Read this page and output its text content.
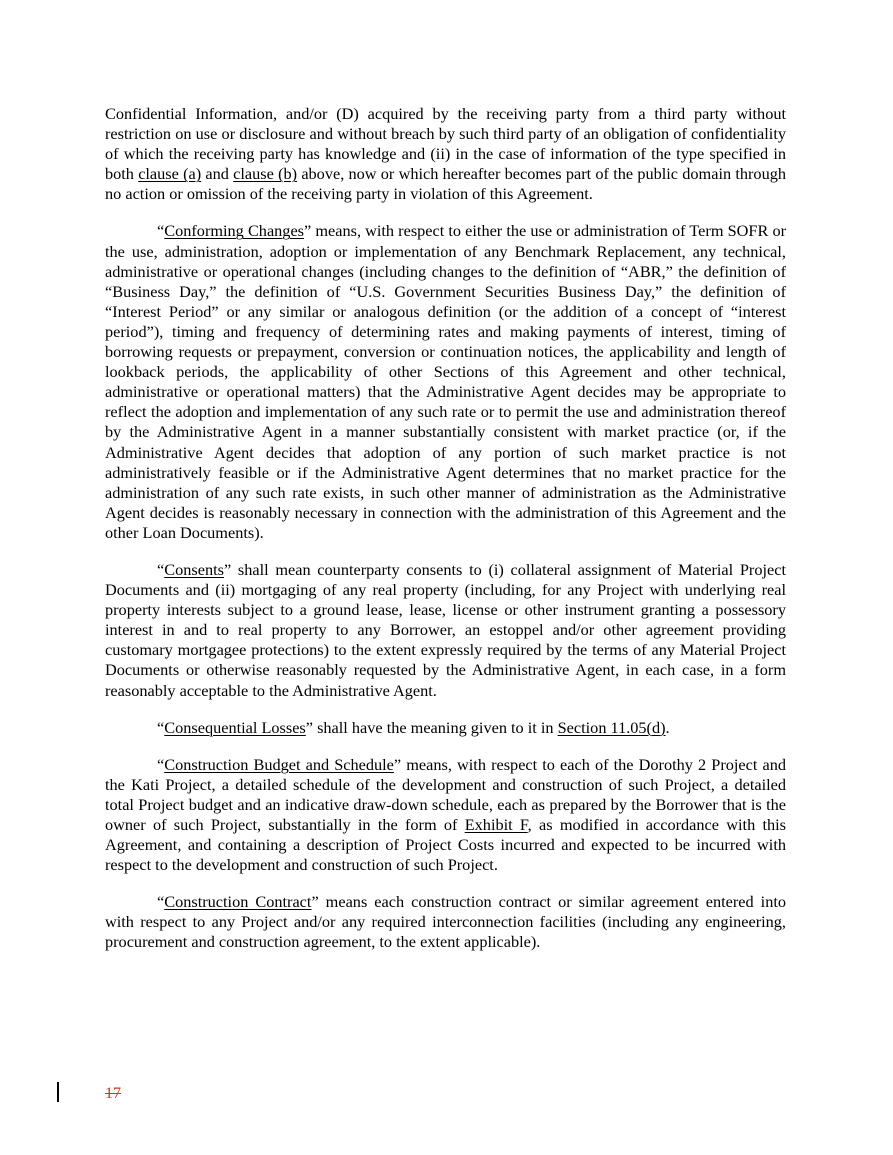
Confidential Information, and/or (D) acquired by the receiving party from a third party without restriction on use or disclosure and without breach by such third party of an obligation of confidentiality of which the receiving party has knowledge and (ii) in the case of information of the type specified in both clause (a) and clause (b) above, now or which hereafter becomes part of the public domain through no action or omission of the receiving party in violation of this Agreement.

“Conforming Changes” means, with respect to either the use or administration of Term SOFR or the use, administration, adoption or implementation of any Benchmark Replacement, any technical, administrative or operational changes (including changes to the definition of “ABR,” the definition of “Business Day,” the definition of “U.S. Government Securities Business Day,” the definition of “Interest Period” or any similar or analogous definition (or the addition of a concept of “interest period”), timing and frequency of determining rates and making payments of interest, timing of borrowing requests or prepayment, conversion or continuation notices, the applicability and length of lookback periods, the applicability of other Sections of this Agreement and other technical, administrative or operational matters) that the Administrative Agent decides may be appropriate to reflect the adoption and implementation of any such rate or to permit the use and administration thereof by the Administrative Agent in a manner substantially consistent with market practice (or, if the Administrative Agent decides that adoption of any portion of such market practice is not administratively feasible or if the Administrative Agent determines that no market practice for the administration of any such rate exists, in such other manner of administration as the Administrative Agent decides is reasonably necessary in connection with the administration of this Agreement and the other Loan Documents).

“Consents” shall mean counterparty consents to (i) collateral assignment of Material Project Documents and (ii) mortgaging of any real property (including, for any Project with underlying real property interests subject to a ground lease, lease, license or other instrument granting a possessory interest in and to real property to any Borrower, an estoppel and/or other agreement providing customary mortgagee protections) to the extent expressly required by the terms of any Material Project Documents or otherwise reasonably requested by the Administrative Agent, in each case, in a form reasonably acceptable to the Administrative Agent.

“Consequential Losses” shall have the meaning given to it in Section 11.05(d).

“Construction Budget and Schedule” means, with respect to each of the Dorothy 2 Project and the Kati Project, a detailed schedule of the development and construction of such Project, a detailed total Project budget and an indicative draw-down schedule, each as prepared by the Borrower that is the owner of such Project, substantially in the form of Exhibit F, as modified in accordance with this Agreement, and containing a description of Project Costs incurred and expected to be incurred with respect to the development and construction of such Project.

“Construction Contract” means each construction contract or similar agreement entered into with respect to any Project and/or any required interconnection facilities (including any engineering, procurement and construction agreement, to the extent applicable).

17
